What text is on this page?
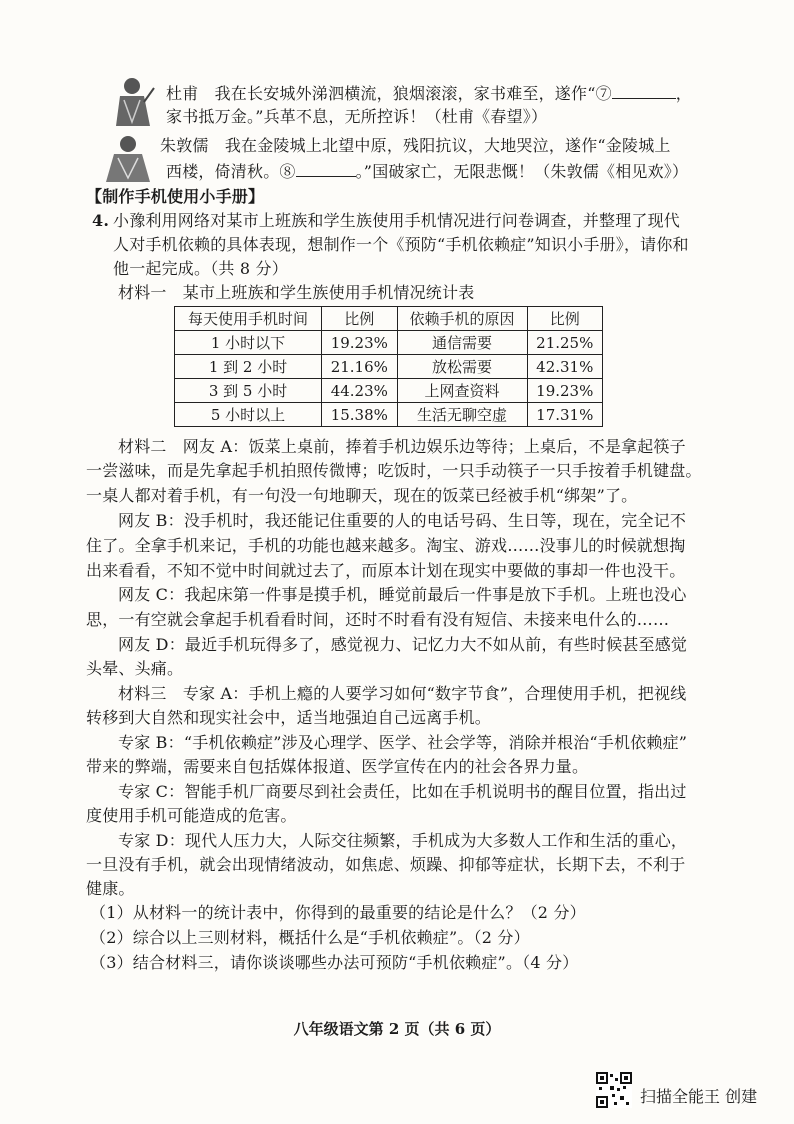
杜甫　 我在长安城外涕泗横流，狼烟滚滚，家书难至，遂作“⑦	，
家书抵万金。”兵革不息，无所控诉！（杜甫《春望》）
朱敦儒　 我在金陵城上北望中原，残阳抗议，大地哭泣，遂作“金陵城上
西楼，倚清秋。⑧	。”国破家亡，无限悲慨！（朱敦儒《相见欢》）
【制作手机使用小手册】
4. 小豫利用网络对某市上班族和学生族使用手机情况进行问卷调查，并整理了现代
人对手机依赖的具体表现，想制作一个《预防“手机依赖症”知识小手册》，请你和
他一起完成。（共 8 分）
材料一　某市上班族和学生族使用手机情况统计表
每天使用手机时间	比例	依赖手机的原因	比例
1 小时以下	19.23%	通信需要	21.25%
1 到 2 小时	21.16%	放松需要	42.31%
3 到 5 小时	44.23%	上网查资料	19.23%
5 小时以上	15.38%	生活无聊空虚	17.31%
材料二　网友 A：饭菜上桌前，捧着手机边娱乐边等待；上桌后，不是拿起筷子
一尝滋味，而是先拿起手机拍照传微博；吃饭时，一只手动筷子一只手按着手机键盘。
一桌人都对着手机，有一句没一句地聊天，现在的饭菜已经被手机“绑架”了。
网友 B：没手机时，我还能记住重要的人的电话号码、生日等，现在，完全记不
住了。全拿手机来记，手机的功能也越来越多。淘宝、游戏……没事儿的时候就想掏
出来看看，不知不觉中时间就过去了，而原本计划在现实中要做的事却一件也没干。
网友 C：我起床第一件事是摸手机，睡觉前最后一件事是放下手机。上班也没心
思，一有空就会拿起手机看看时间，还时不时看有没有短信、未接来电什么的……
网友 D：最近手机玩得多了，感觉视力、记忆力大不如从前，有些时候甚至感觉
头晕、头痛。
材料三　专家 A：手机上瘾的人要学习如何“数字节食”，合理使用手机，把视线
转移到大自然和现实社会中，适当地强迫自己远离手机。
专家 B：“手机依赖症”涉及心理学、医学、社会学等，消除并根治“手机依赖症”
带来的弊端，需要来自包括媒体报道、医学宣传在内的社会各界力量。
专家 C：智能手机厂商要尽到社会责任，比如在手机说明书的醒目位置，指出过
度使用手机可能造成的危害。
专家 D：现代人压力大，人际交往频繁，手机成为大多数人工作和生活的重心，
一旦没有手机，就会出现情绪波动，如焦虑、烦躁、抑郁等症状，长期下去，不利于
健康。
（1）从材料一的统计表中，你得到的最重要的结论是什么？（2 分）
（2）综合以上三则材料，概括什么是“手机依赖症”。（2 分）
（3）结合材料三，请你谈谈哪些办法可预防“手机依赖症”。（4 分）
八年级语文第 2 页（共 6 页）
扫描全能王 创建
